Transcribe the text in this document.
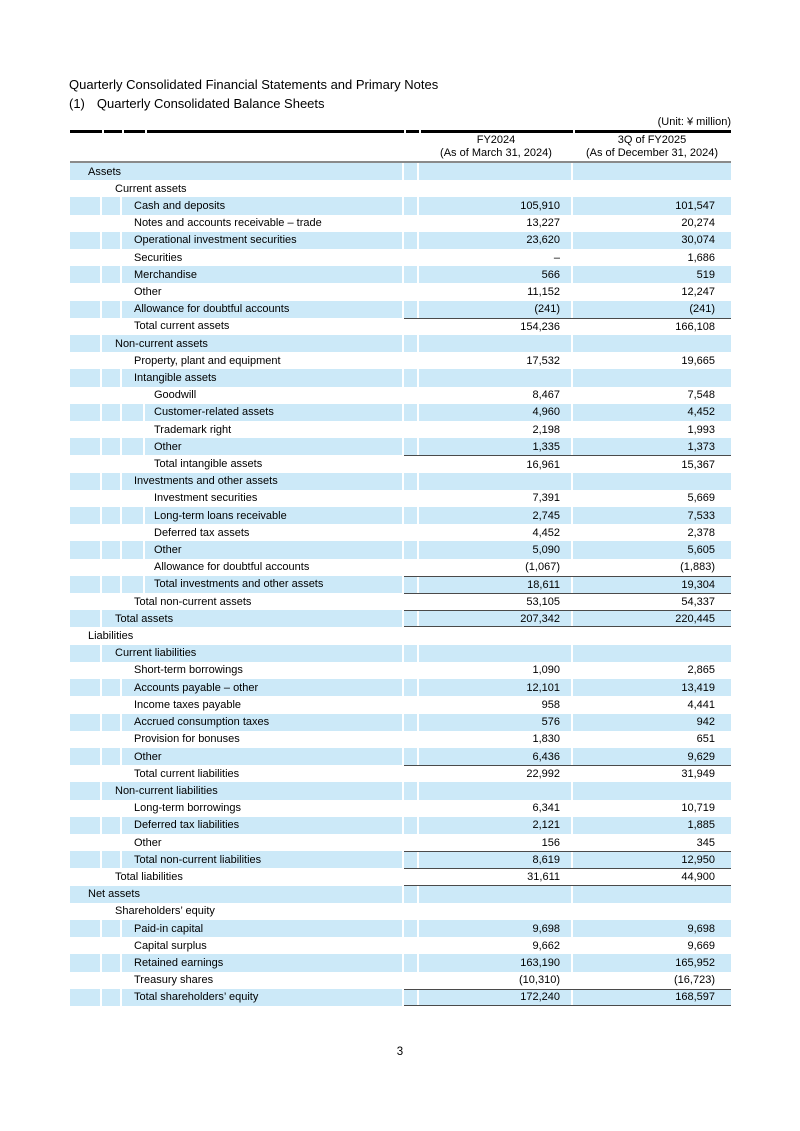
Quarterly Consolidated Financial Statements and Primary Notes
(1) Quarterly Consolidated Balance Sheets
(Unit: ¥ million)
FY2024
(As of March 31, 2024)
3Q of FY2025
(As of December 31, 2024)
Assets
Current assets
Cash and deposits	105,910	101,547
Notes and accounts receivable – trade	13,227	20,274
Operational investment securities	23,620	30,074
Securities	–	1,686
Merchandise	566	519
Other	11,152	12,247
Allowance for doubtful accounts	(241)	(241)
Total current assets	154,236	166,108
Non-current assets
Property, plant and equipment	17,532	19,665
Intangible assets
Goodwill	8,467	7,548
Customer-related assets	4,960	4,452
Trademark right	2,198	1,993
Other	1,335	1,373
Total intangible assets	16,961	15,367
Investments and other assets
Investment securities	7,391	5,669
Long-term loans receivable	2,745	7,533
Deferred tax assets	4,452	2,378
Other	5,090	5,605
Allowance for doubtful accounts	(1,067)	(1,883)
Total investments and other assets	18,611	19,304
Total non-current assets	53,105	54,337
Total assets	207,342	220,445
Liabilities
Current liabilities
Short-term borrowings	1,090	2,865
Accounts payable – other	12,101	13,419
Income taxes payable	958	4,441
Accrued consumption taxes	576	942
Provision for bonuses	1,830	651
Other	6,436	9,629
Total current liabilities	22,992	31,949
Non-current liabilities
Long-term borrowings	6,341	10,719
Deferred tax liabilities	2,121	1,885
Other	156	345
Total non-current liabilities	8,619	12,950
Total liabilities	31,611	44,900
Net assets
Shareholders’ equity
Paid-in capital	9,698	9,698
Capital surplus	9,662	9,669
Retained earnings	163,190	165,952
Treasury shares	(10,310)	(16,723)
Total shareholders’ equity	172,240	168,597
3
